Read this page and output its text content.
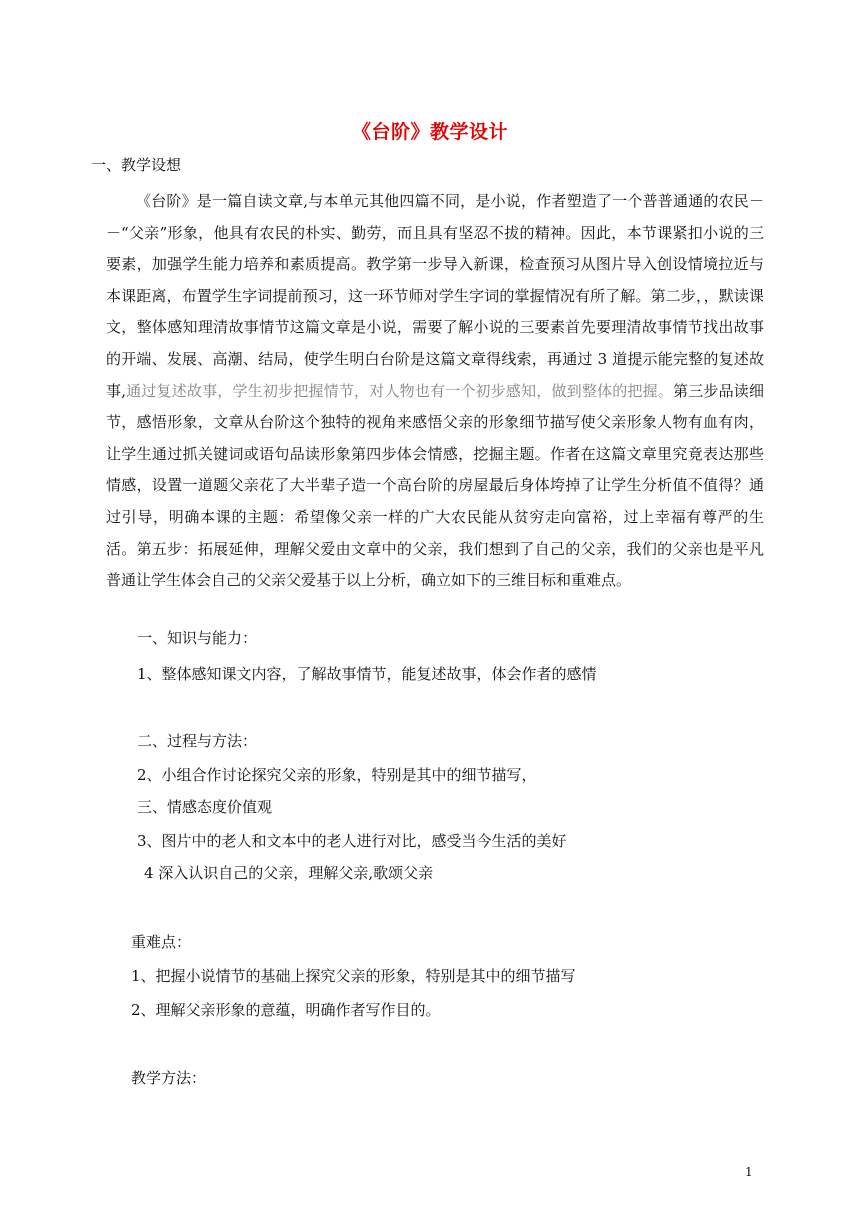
《台阶》教学设计
一、教学设想
《台阶》是一篇自读文章,与本单元其他四篇不同，是小说，作者塑造了一个普普通通的农民－－“父亲”形象，他具有农民的朴实、勤劳，而且具有坚忍不拔的精神。因此，本节课紧扣小说的三要素，加强学生能力培养和素质提高。教学第一步导入新课，检查预习从图片导入创设情境拉近与本课距离，布置学生字词提前预习，这一环节师对学生字词的掌握情况有所了解。第二步，，默读课文，整体感知理清故事情节这篇文章是小说，需要了解小说的三要素首先要理清故事情节找出故事的开端、发展、高潮、结局，使学生明白台阶是这篇文章得线索，再通过 3 道提示能完整的复述故事,通过复述故事，学生初步把握情节，对人物也有一个初步感知，做到整体的把握。第三步品读细节，感悟形象，文章从台阶这个独特的视角来感悟父亲的形象细节描写使父亲形象人物有血有肉，让学生通过抓关键词或语句品读形象第四步体会情感，挖掘主题。作者在这篇文章里究竟表达那些情感，设置一道题父亲花了大半辈子造一个高台阶的房屋最后身体垮掉了让学生分析值不值得？通过引导，明确本课的主题：希望像父亲一样的广大农民能从贫穷走向富裕，过上幸福有尊严的生活。第五步：拓展延伸，理解父爱由文章中的父亲，我们想到了自己的父亲，我们的父亲也是平凡普通让学生体会自己的父亲父爱基于以上分析，确立如下的三维目标和重难点。
一、知识与能力：
1、整体感知课文内容，了解故事情节，能复述故事，体会作者的感情
二、过程与方法：
2、小组合作讨论探究父亲的形象，特别是其中的细节描写，
三、情感态度价值观
3、图片中的老人和文本中的老人进行对比，感受当今生活的美好
4 深入认识自己的父亲，理解父亲,歌颂父亲
重难点：
1、把握小说情节的基础上探究父亲的形象，特别是其中的细节描写
2、理解父亲形象的意蕴，明确作者写作目的。
教学方法：
1
